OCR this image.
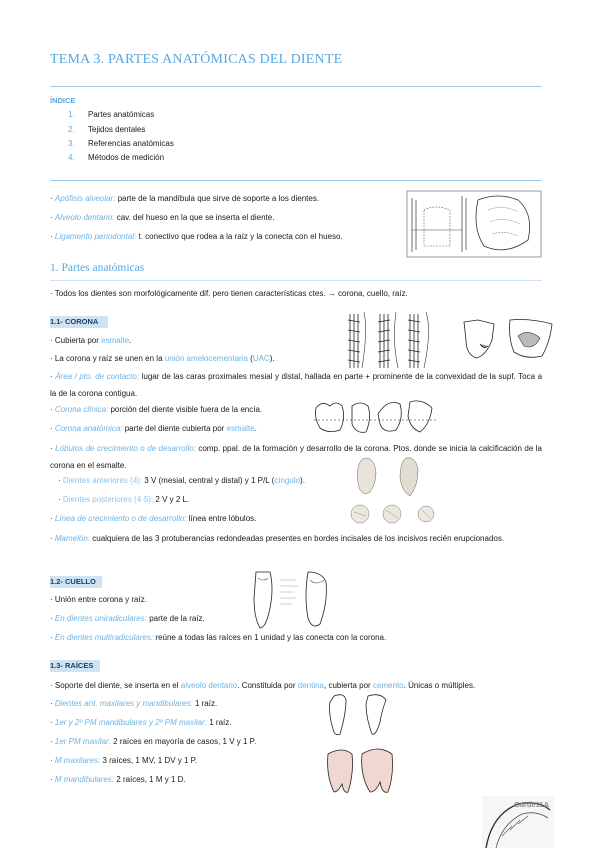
TEMA 3. PARTES ANATÓMICAS DEL DIENTE
ÍNDICE
1. Partes anatómicas
2. Tejidos dentales
3. Referencias anatómicas
4. Métodos de medición
· Apófisis alveolar: parte de la mandíbula que sirve de soporte a los dientes.
· Alveolo dentario: cav. del hueso en la que se inserta el diente.
· Ligamento periodontal: t. conectivo que rodea a la raíz y la conecta con el hueso.
1. Partes anatómicas
· Todos los dientes son morfológicamente dif. pero tienen características ctes. → corona, cuello, raíz.
1.1- CORONA
· Cubierta por esmalte.
· La corona y raíz se unen en la unión amelocementaria (UAC).
· Área / pto. de contacto: lugar de las caras proximales mesial y distal, hallada en parte + prominente de la convexidad de la supf. Toca a la de la corona contigua.
· Corona clínica: porción del diente visible fuera de la encía.
· Corona anatómica: parte del diente cubierta por esmalte.
· Lóbulos de crecimiento o de desarrollo: comp. ppal. de la formación y desarrollo de la corona. Ptos. donde se inicia la calcificación de la corona en el esmalte.
· Dientes anteriores (4): 3 V (mesial, central y distal) y 1 P/L (cíngulo).
· Dientes posteriores (4-5): 2 V y 2 L.
· Línea de crecimiento o de desarrollo: línea entre lóbulos.
· Mamelón: cualquiera de las 3 protuberancias redondeadas presentes en bordes incisales de los incisivos recién erupcionados.
1.2- CUELLO
· Unión entre corona y raíz.
· En dientes uniradiculares: parte de la raíz.
· En dientes multiradiculares: reúne a todas las raíces en 1 unidad y las conecta con la corona.
1.3- RAÍCES
· Soporte del diente, se inserta en el alveolo dentario. Constituida por dentina, cubierta por cemento. Únicas o múltiples.
· Dientes ant. maxilares y mandibulares: 1 raíz.
· 1er y 2º PM mandibulares y 2º PM maxilar: 1 raíz.
· 1er PM maxilar: 2 raíces en mayoría de casos, 1 V y 1 P.
· M maxilares: 3 raíces, 1 MV, 1 DV y 1 P.
· M mandibulares: 2 raíces, 1 M y 1 D.
Garde11A
